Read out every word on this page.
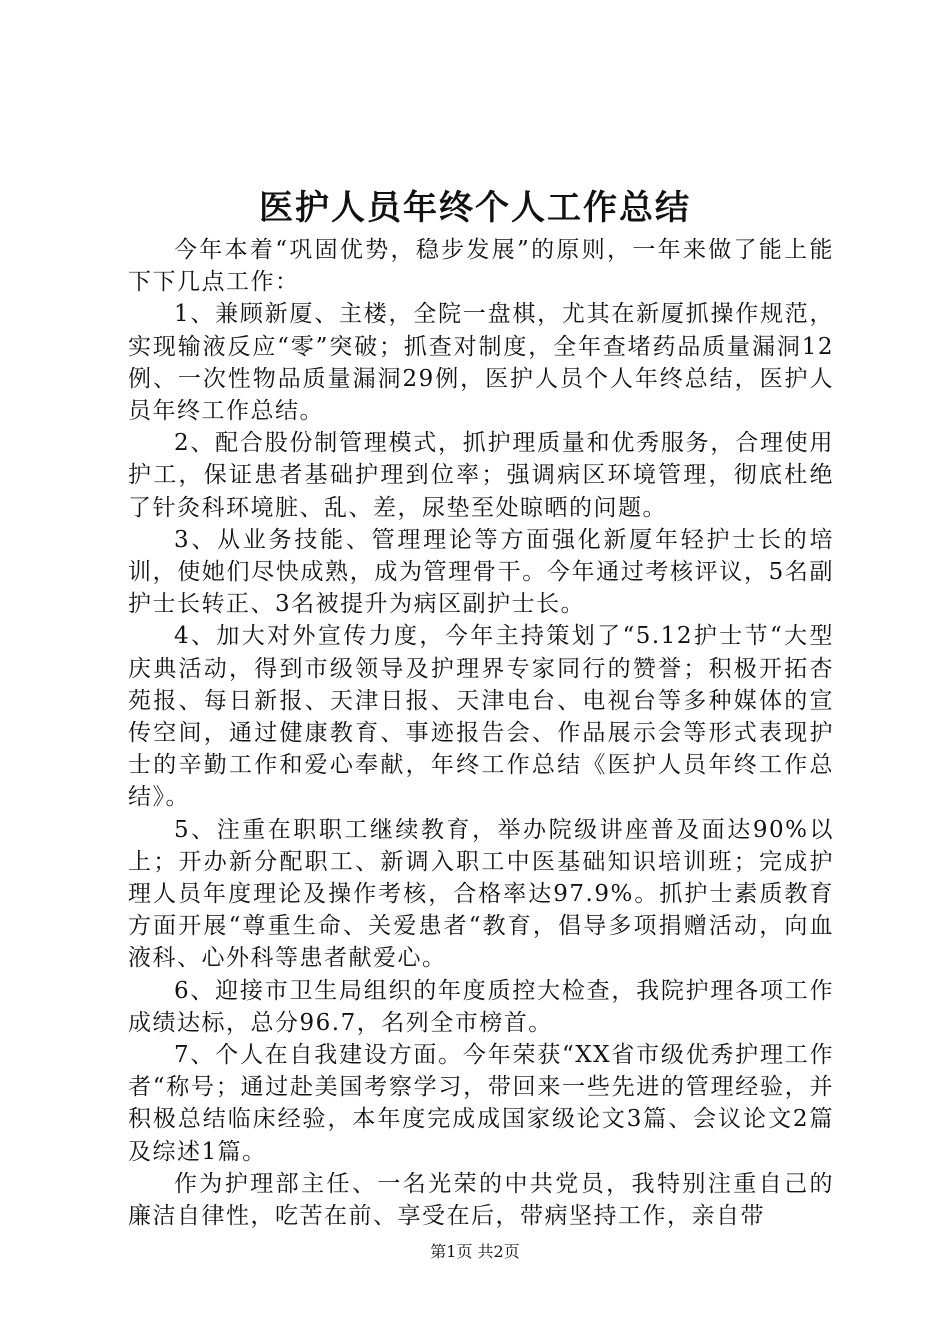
医护人员年终个人工作总结

今年本着“巩固优势，稳步发展”的原则，一年来做了能上能下下几点工作：

1、兼顾新厦、主楼，全院一盘棋，尤其在新厦抓操作规范，实现输液反应“零”突破；抓查对制度，全年查堵药品质量漏洞12例、一次性物品质量漏洞29例，医护人员个人年终总结，医护人员年终工作总结。

2、配合股份制管理模式，抓护理质量和优秀服务，合理使用护工，保证患者基础护理到位率；强调病区环境管理，彻底杜绝了针灸科环境脏、乱、差，尿垫至处晾晒的问题。

3、从业务技能、管理理论等方面强化新厦年轻护士长的培训，使她们尽快成熟，成为管理骨干。今年通过考核评议，5名副护士长转正、3名被提升为病区副护士长。

4、加大对外宣传力度，今年主持策划了“5.12护士节“大型庆典活动，得到市级领导及护理界专家同行的赞誉；积极开拓杏苑报、每日新报、天津日报、天津电台、电视台等多种媒体的宣传空间，通过健康教育、事迹报告会、作品展示会等形式表现护士的辛勤工作和爱心奉献，年终工作总结《医护人员年终工作总结》。

5、注重在职职工继续教育，举办院级讲座普及面达90%以上；开办新分配职工、新调入职工中医基础知识培训班；完成护理人员年度理论及操作考核，合格率达97.9%。抓护士素质教育方面开展“尊重生命、关爱患者“教育，倡导多项捐赠活动，向血液科、心外科等患者献爱心。

6、迎接市卫生局组织的年度质控大检查，我院护理各项工作成绩达标，总分96.7，名列全市榜首。

7、个人在自我建设方面。今年荣获“XX省市级优秀护理工作者“称号；通过赴美国考察学习，带回来一些先进的管理经验，并积极总结临床经验，本年度完成成国家级论文3篇、会议论文2篇及综述1篇。

作为护理部主任、一名光荣的中共党员，我特别注重自己的廉洁自律性，吃苦在前、享受在后，带病坚持工作，亲自带

第1页 共2页
